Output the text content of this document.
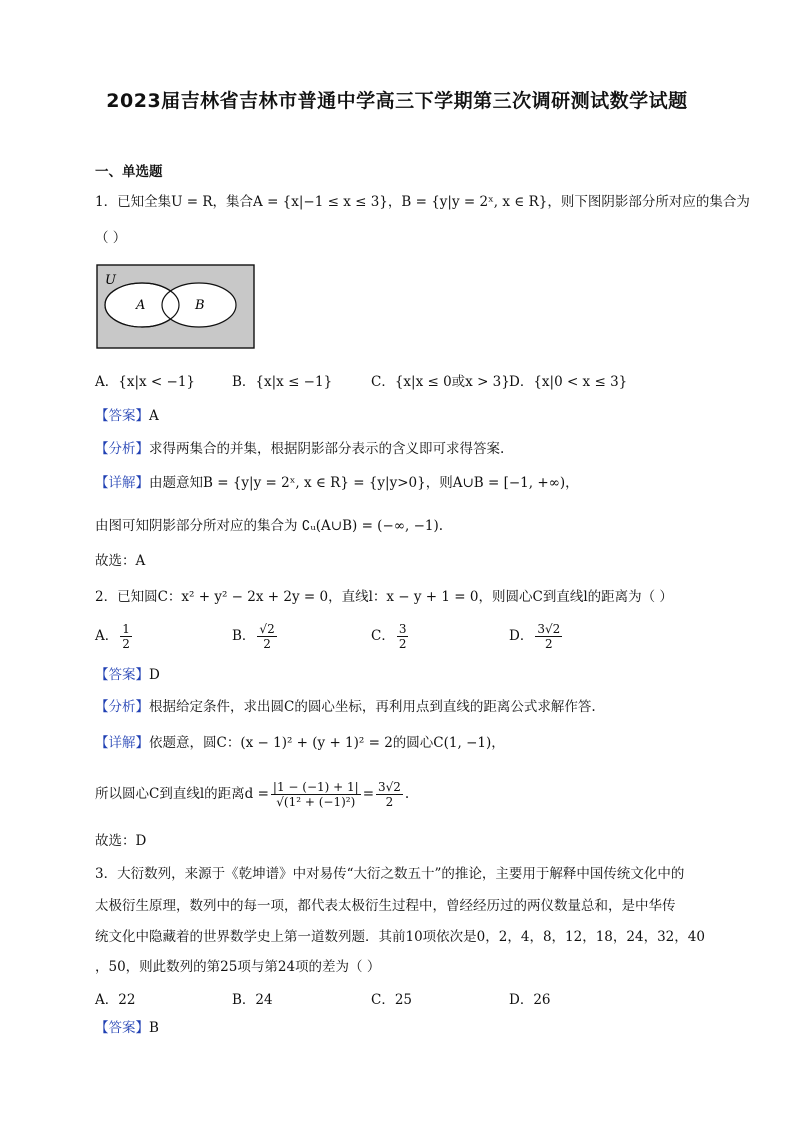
2023届吉林省吉林市普通中学高三下学期第三次调研测试数学试题
一、单选题
1．已知全集U = R，集合A = {x|−1 ≤ x ≤ 3}，B = {y|y = 2ˣ, x ∈ R}，则下图阴影部分所对应的集合为
（ ）
U
A	B
A．{x|x < −1}	B．{x|x ≤ −1}	C．{x|x ≤ 0或x > 3} D．{x|0 < x ≤ 3}
【答案】A
【分析】求得两集合的并集，根据阴影部分表示的含义即可求得答案.
【详解】由题意知B = {y|y = 2ˣ, x ∈ R} = {y|y>0}，则A∪B = [−1, +∞)，
由图可知阴影部分所对应的集合为 ∁ᵤ(A∪B) = (−∞, −1).
故选：A
2．已知圆C：x² + y² − 2x + 2y = 0，直线l：x − y + 1 = 0，则圆心C到直线l的距离为（ ）
A． $\frac{1}{2}$	B． $\frac{√2}{2}$	C． $\frac{3}{2}$	D． $\frac{3√2}{2}$
【答案】D
【分析】根据给定条件，求出圆C的圆心坐标，再利用点到直线的距离公式求解作答.
【详解】依题意，圆C：(x − 1)² + (y + 1)² = 2的圆心C(1, −1)，
所以圆心C到直线l的距离$d = \frac{|1 - (-1) + 1|}{\text{√(1² + (−1)²)}} = \frac{3√2}{2}$ .
故选：D
3．大衍数列，来源于《乾坤谱》中对易传“大衍之数五十”的推论，主要用于解释中国传统文化中的
太极衍生原理，数列中的每一项，都代表太极衍生过程中，曾经经历过的两仪数量总和，是中华传
统文化中隐藏着的世界数学史上第一道数列题．其前10项依次是0，2，4，8，12，18，24，32，40
，50，则此数列的第25项与第24项的差为（ ）
A．22	B．24	C．25	D．26
【答案】B
